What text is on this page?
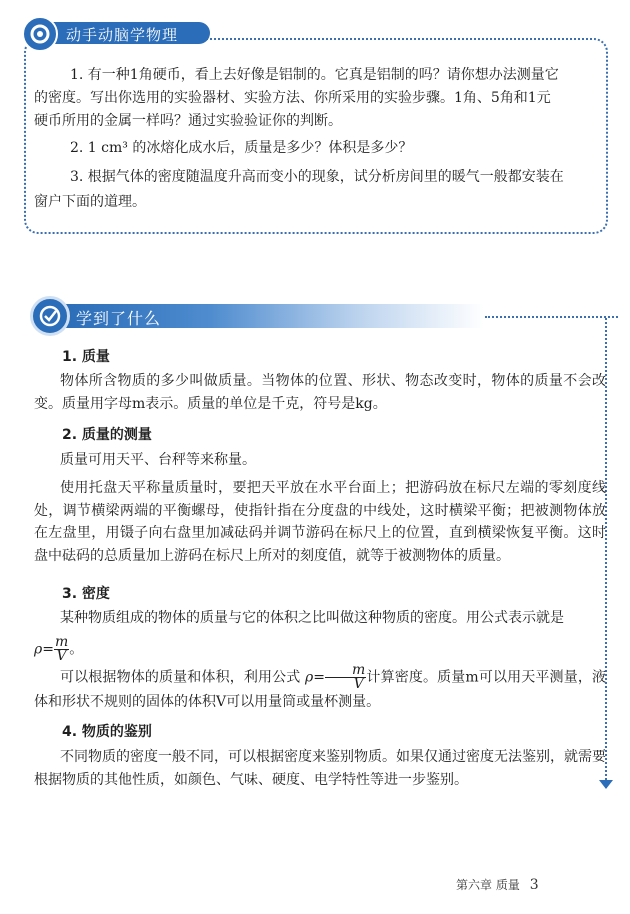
动手动脑学物理

1. 有一种1角硬币，看上去好像是铝制的。它真是铝制的吗？请你想办法测量它

的密度。写出你选用的实验器材、实验方法、你所采用的实验步骤。1角、5角和1元

硬币所用的金属一样吗？通过实验验证你的判断。

2. 1 cm³ 的冰熔化成水后，质量是多少？体积是多少？

3. 根据气体的密度随温度升高而变小的现象，试分析房间里的暖气一般都安装在

窗户下面的道理。

学到了什么
1. 质量

物体所含物质的多少叫做质量。当物体的位置、形状、物态改变时，物体的质量不会改变。质量用字母m表示。质量的单位是千克，符号是kg。

2. 质量的测量

质量可用天平、台秤等来称量。

使用托盘天平称量质量时，要把天平放在水平台面上；把游码放在标尺左端的零刻度线处，调节横梁两端的平衡螺母，使指针指在分度盘的中线处，这时横梁平衡；把被测物体放在左盘里，用镊子向右盘里加减砝码并调节游码在标尺上的位置，直到横梁恢复平衡。这时盘中砝码的总质量加上游码在标尺上所对的刻度值，就等于被测物体的质量。

3. 密度

某种物质组成的物体的质量与它的体积之比叫做这种物质的密度。用公式表示就是

$\rho= \frac{m}{V}$ 。
可以根据物体的质量和体积，利用公式 $\rho= \frac{m}{V}$ 计算密度。质量m可以用天平测量，液体和形状不规则的固体的体积V可以用量筒或量杯测量。
4. 物质的鉴别

不同物质的密度一般不同，可以根据密度来鉴别物质。如果仅通过密度无法鉴别，就需要根据物质的其他性质，如颜色、气味、硬度、电学特性等进一步鉴别。

第六章 质量 3
